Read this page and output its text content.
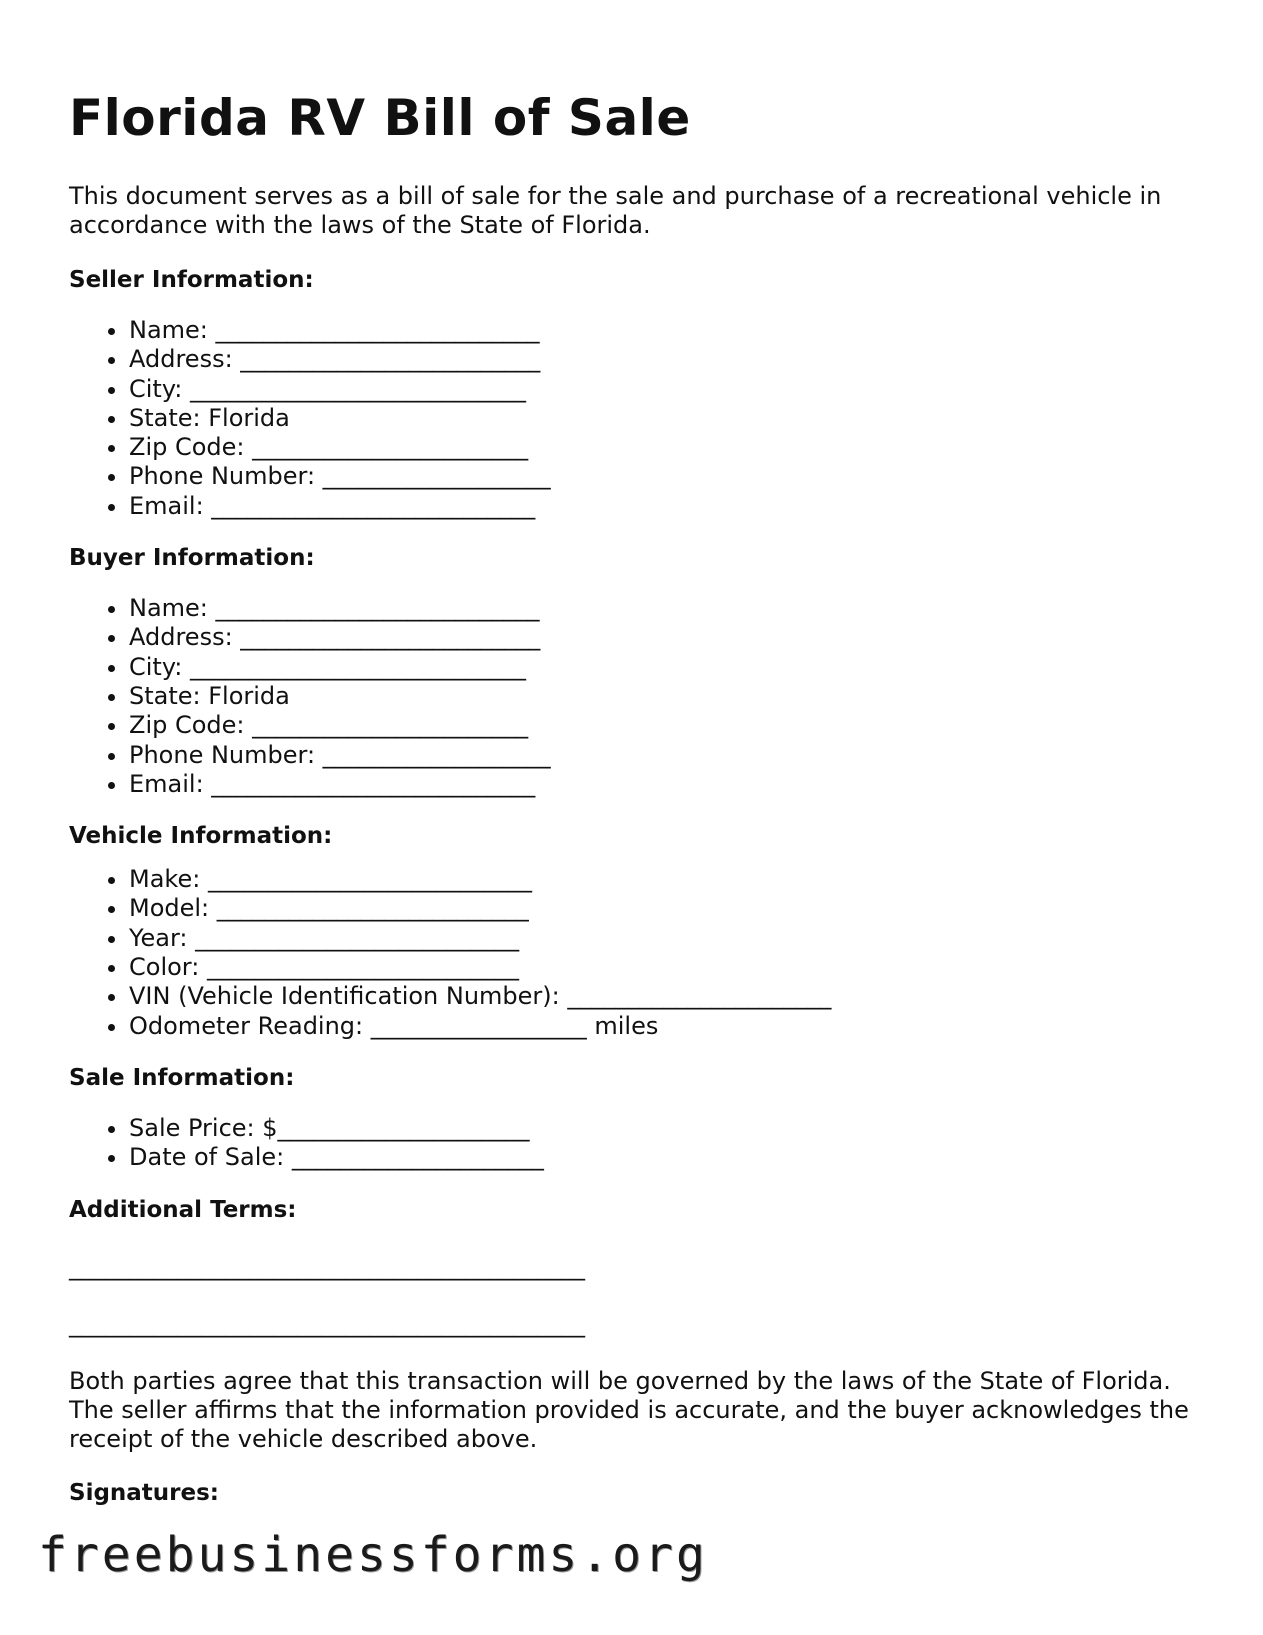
Florida RV Bill of Sale

This document serves as a bill of sale for the sale and purchase of a recreational vehicle in accordance with the laws of the State of Florida.

Seller Information:
• Name: ___________________________
• Address: _________________________
• City: ____________________________
• State: Florida
• Zip Code: _______________________
• Phone Number: ___________________
• Email: ___________________________
Buyer Information:
• Name: ___________________________
• Address: _________________________
• City: ____________________________
• State: Florida
• Zip Code: _______________________
• Phone Number: ___________________
• Email: ___________________________
Vehicle Information:
• Make: ___________________________
• Model: __________________________
• Year: ___________________________
• Color: __________________________
• VIN (Vehicle Identification Number): ______________________
• Odometer Reading: __________________ miles
Sale Information:
• Sale Price: $_____________________
• Date of Sale: _____________________
Additional Terms:
___________________________________________
___________________________________________

Both parties agree that this transaction will be governed by the laws of the State of Florida. The seller affirms that the information provided is accurate, and the buyer acknowledges the receipt of the vehicle described above.

Signatures:
freebusinessforms.org
